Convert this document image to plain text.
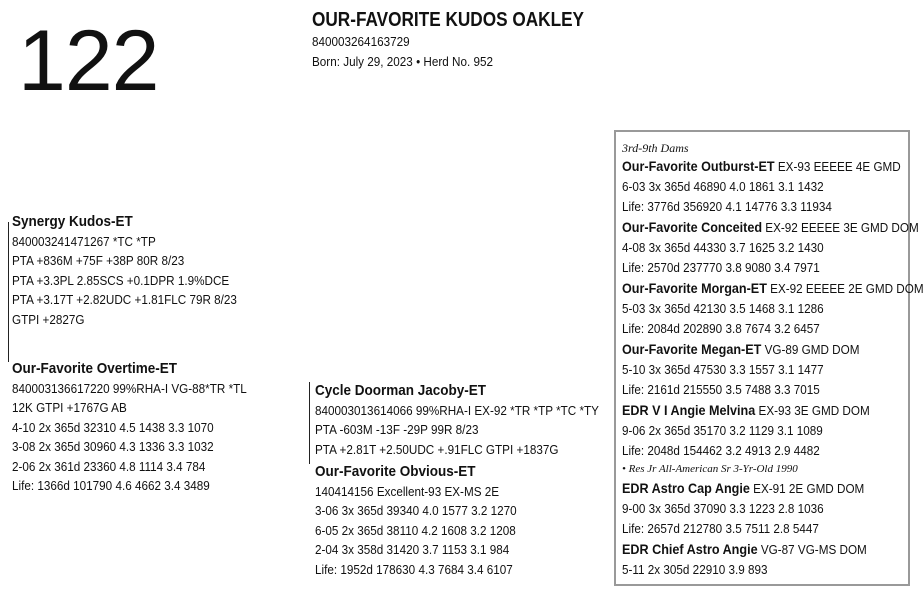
122	OUR-FAVORITE KUDOS OAKLEY
840003264163729
Born: July 29, 2023 • Herd No. 952
Synergy Kudos-ET
840003241471267 *TC *TP
PTA +836M +75F +38P 80R 8/23
PTA +3.3PL 2.85SCS +0.1DPR 1.9%DCE
PTA +3.17T +2.82UDC +1.81FLC 79R 8/23
GTPI +2827G
Our-Favorite Overtime-ET
840003136617220 99%RHA-I VG-88*TR *TL
12K GTPI +1767G AB
4-10 2x 365d 32310 4.5 1438 3.3 1070
3-08 2x 365d 30960 4.3 1336 3.3 1032
2-06 2x 361d 23360 4.8 1114 3.4 784
Life: 1366d 101790 4.6 4662 3.4 3489
Cycle Doorman Jacoby-ET
840003013614066 99%RHA-I EX-92 *TR *TP *TC *TY
PTA -603M -13F -29P 99R 8/23
PTA +2.81T +2.50UDC +.91FLC GTPI +1837G
Our-Favorite Obvious-ET
140414156 Excellent-93 EX-MS 2E
3-06 3x 365d 39340 4.0 1577 3.2 1270
6-05 2x 365d 38110 4.2 1608 3.2 1208
2-04 3x 358d 31420 3.7 1153 3.1 984
Life: 1952d 178630 4.3 7684 3.4 6107
3rd-9th Dams
Our-Favorite Outburst-ET EX-93 EEEEE 4E GMD
6-03 3x 365d 46890 4.0 1861 3.1 1432
Life: 3776d 356920 4.1 14776 3.3 11934
Our-Favorite Conceited EX-92 EEEEE 3E GMD DOM
4-08 3x 365d 44330 3.7 1625 3.2 1430
Life: 2570d 237770 3.8 9080 3.4 7971
Our-Favorite Morgan-ET EX-92 EEEEE 2E GMD DOM
5-03 3x 365d 42130 3.5 1468 3.1 1286
Life: 2084d 202890 3.8 7674 3.2 6457
Our-Favorite Megan-ET VG-89 GMD DOM
5-10 3x 365d 47530 3.3 1557 3.1 1477
Life: 2161d 215550 3.5 7488 3.3 7015
EDR V I Angie Melvina EX-93 3E GMD DOM
9-06 2x 365d 35170 3.2 1129 3.1 1089
Life: 2048d 154462 3.2 4913 2.9 4482
• Res Jr All-American Sr 3-Yr-Old 1990
EDR Astro Cap Angie EX-91 2E GMD DOM
9-00 3x 365d 37090 3.3 1223 2.8 1036
Life: 2657d 212780 3.5 7511 2.8 5447
EDR Chief Astro Angie VG-87 VG-MS DOM
5-11 2x 305d 22910 3.9 893
